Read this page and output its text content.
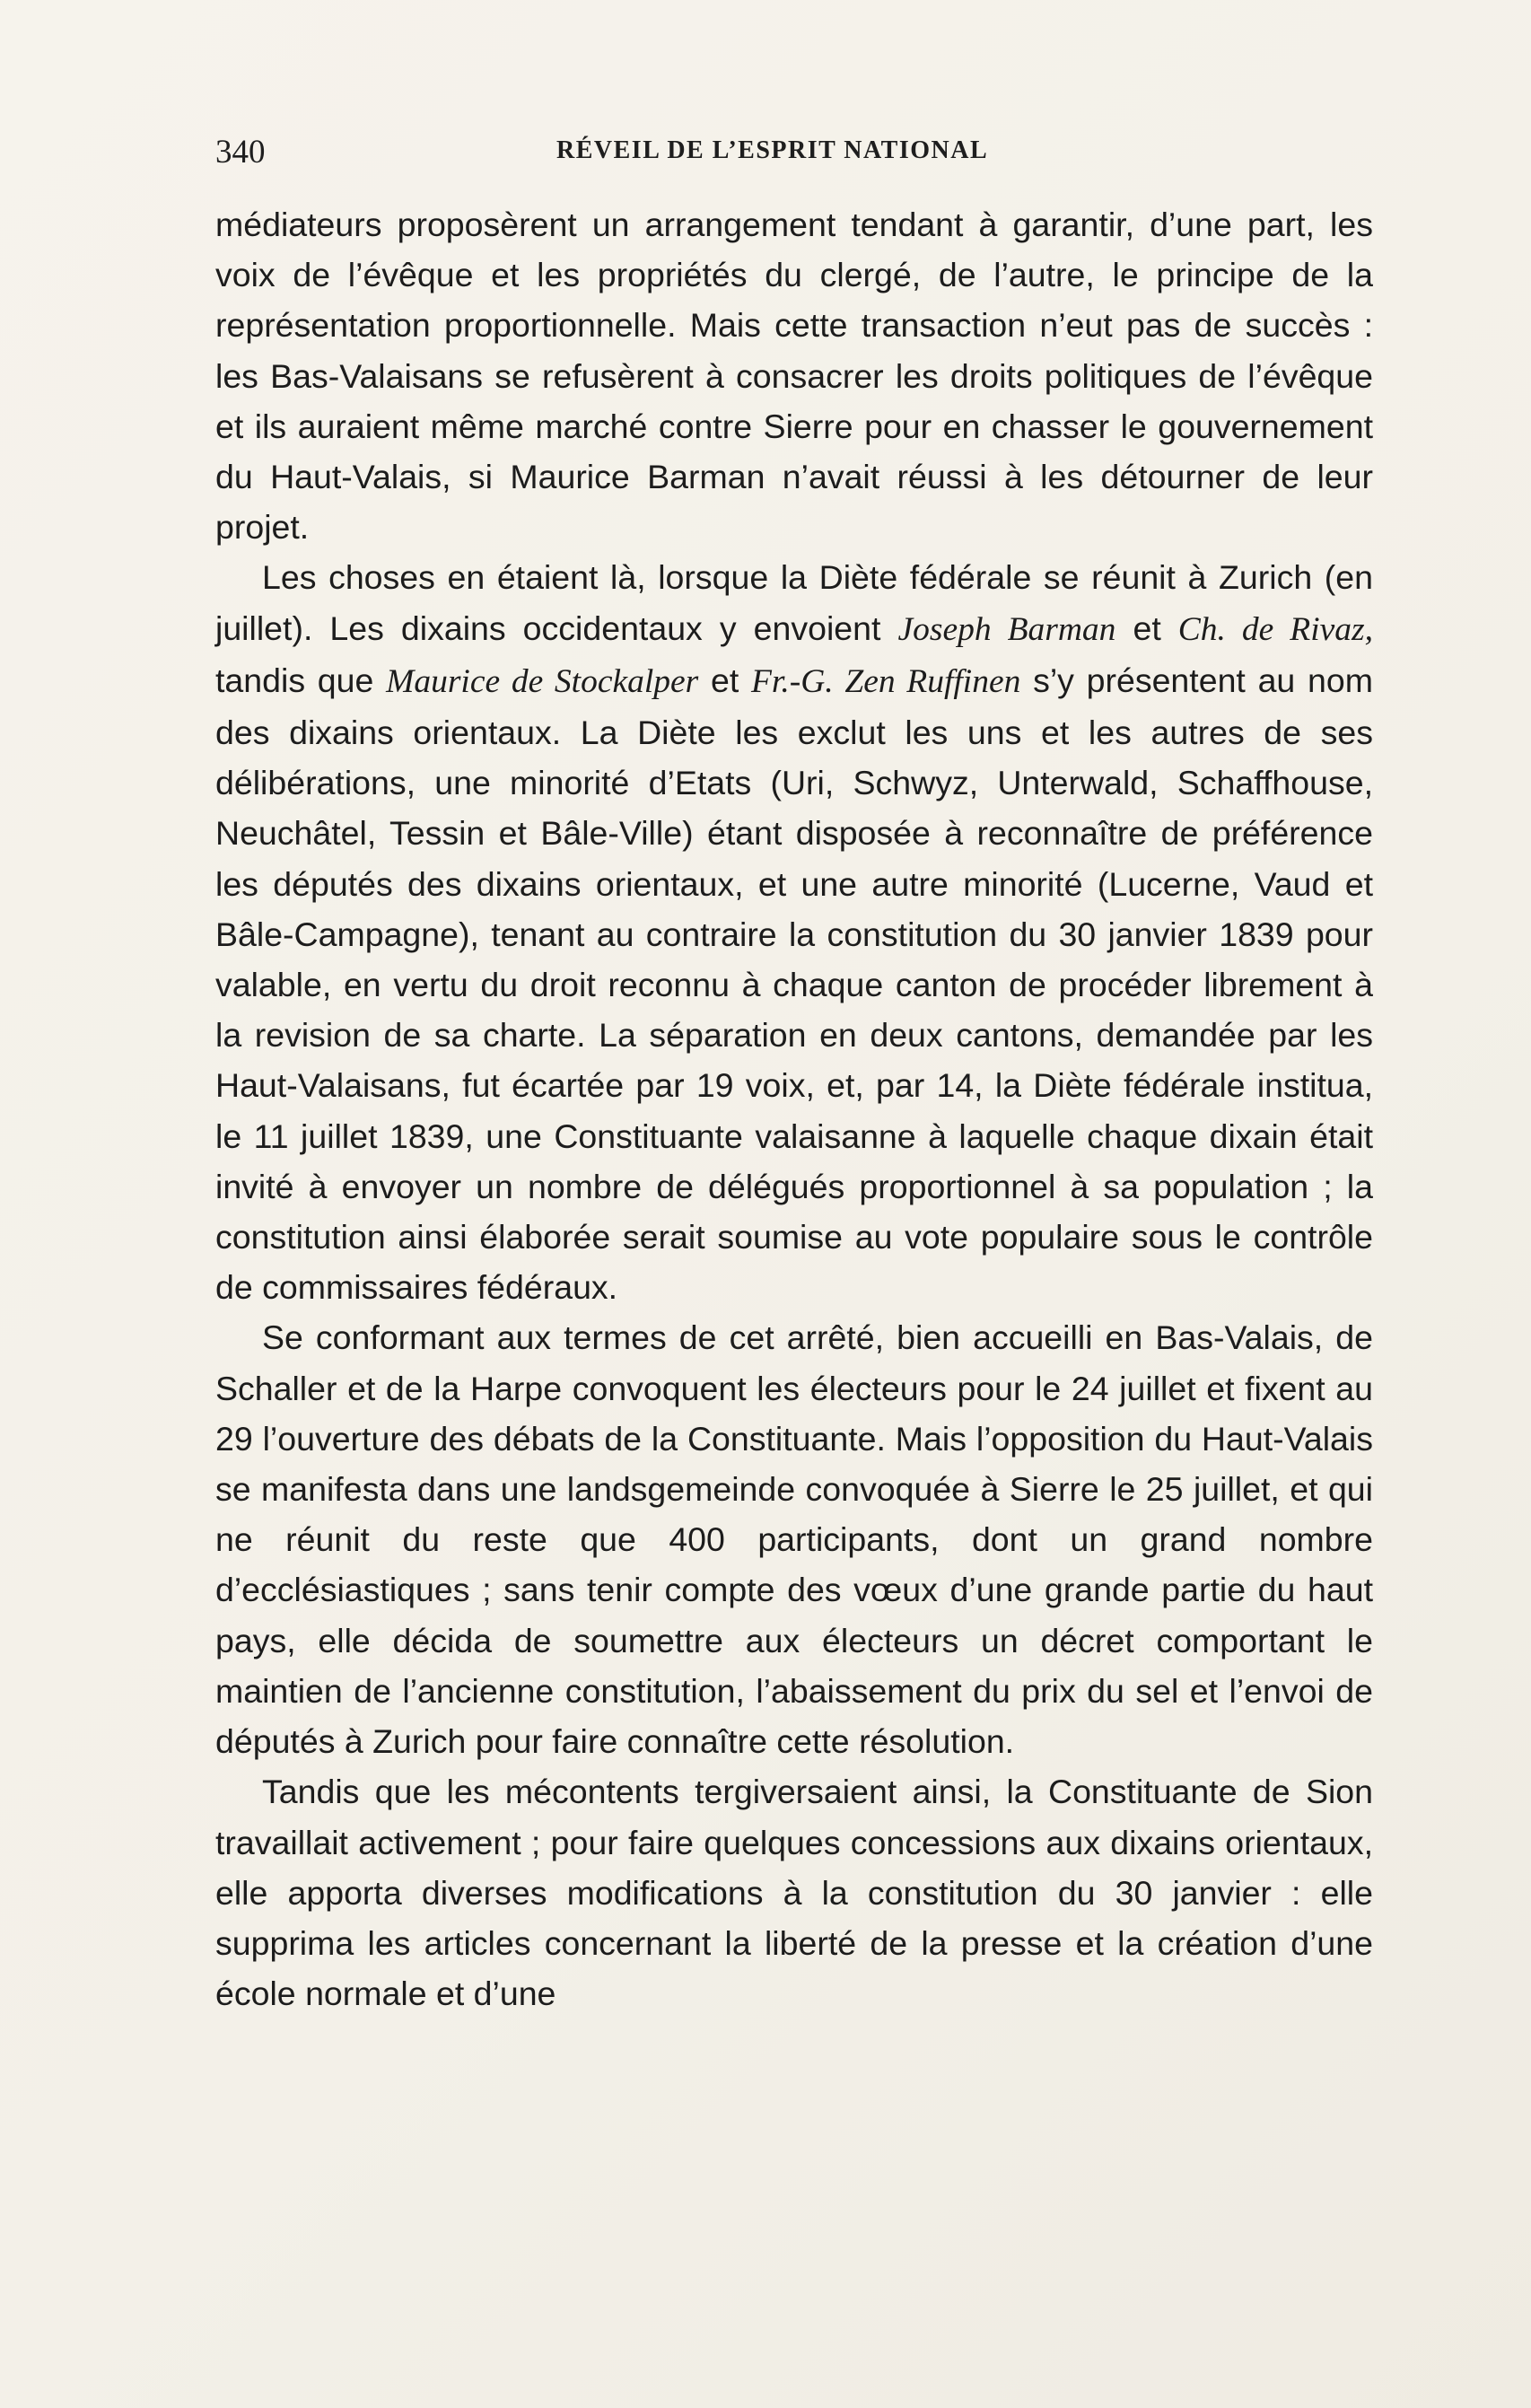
340	RÉVEIL DE L’ESPRIT NATIONAL

médiateurs proposèrent un arrangement tendant à garantir, d’une part, les voix de l’évêque et les propriétés du clergé, de l’autre, le principe de la représentation proportionnelle. Mais cette transaction n’eut pas de succès : les Bas-Valaisans se refusèrent à consacrer les droits politiques de l’évêque et ils auraient même marché contre Sierre pour en chasser le gouvernement du Haut-Valais, si Maurice Barman n’avait réussi à les détourner de leur projet.

Les choses en étaient là, lorsque la Diète fédérale se réunit à Zurich (en juillet). Les dixains occidentaux y envoient Joseph Barman et Ch. de Rivaz, tandis que Maurice de Stockalper et Fr.-G. Zen Ruffinen s’y présentent au nom des dixains orientaux. La Diète les exclut les uns et les autres de ses délibérations, une minorité d’Etats (Uri, Schwyz, Unterwald, Schaffhouse, Neuchâtel, Tessin et Bâle-Ville) étant disposée à reconnaître de préférence les députés des dixains orientaux, et une autre minorité (Lucerne, Vaud et Bâle-Campagne), tenant au contraire la constitution du 30 janvier 1839 pour valable, en vertu du droit reconnu à chaque canton de procéder librement à la revision de sa charte. La séparation en deux cantons, demandée par les Haut-Valaisans, fut écartée par 19 voix, et, par 14, la Diète fédérale institua, le 11 juillet 1839, une Constituante valaisanne à laquelle chaque dixain était invité à envoyer un nombre de délégués proportionnel à sa population ; la constitution ainsi élaborée serait soumise au vote populaire sous le contrôle de commissaires fédéraux.

Se conformant aux termes de cet arrêté, bien accueilli en Bas-Valais, de Schaller et de la Harpe convoquent les électeurs pour le 24 juillet et fixent au 29 l’ouverture des débats de la Constituante. Mais l’opposition du Haut-Valais se manifesta dans une landsgemeinde convoquée à Sierre le 25 juillet, et qui ne réunit du reste que 400 participants, dont un grand nombre d’ecclésiastiques ; sans tenir compte des vœux d’une grande partie du haut pays, elle décida de soumettre aux électeurs un décret comportant le maintien de l’ancienne constitution, l’abaissement du prix du sel et l’envoi de députés à Zurich pour faire connaître cette résolution.

Tandis que les mécontents tergiversaient ainsi, la Constituante de Sion travaillait activement ; pour faire quelques concessions aux dixains orientaux, elle apporta diverses modifications à la constitution du 30 janvier : elle supprima les articles concernant la liberté de la presse et la création d’une école normale et d’une
